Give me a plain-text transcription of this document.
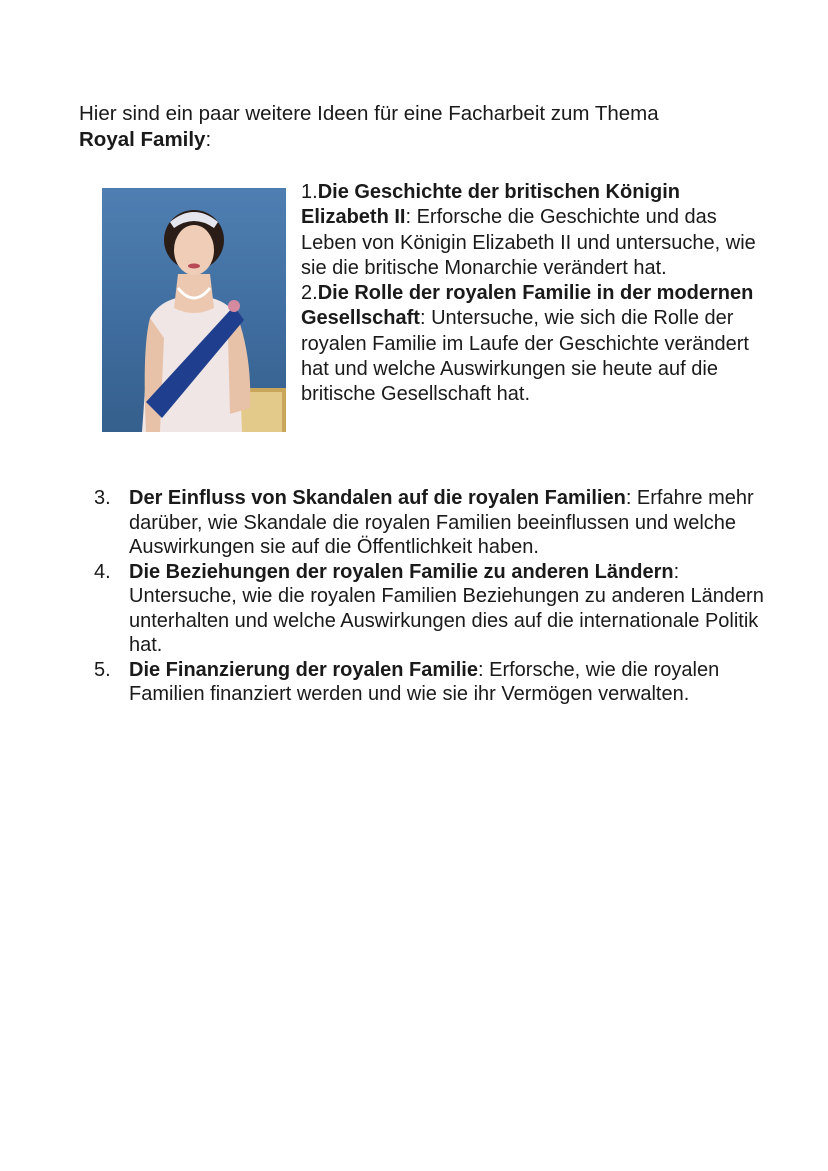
Hier sind ein paar weitere Ideen für eine Facharbeit zum Thema
Royal Family:

1.Die Geschichte der britischen Königin Elizabeth II: Erforsche die Geschichte und das Leben von Königin Elizabeth II und untersuche, wie sie die britische Monarchie verändert hat.

2.Die Rolle der royalen Familie in der modernen Gesellschaft: Untersuche, wie sich die Rolle der royalen Familie im Laufe der Geschichte verändert hat und welche Auswirkungen sie heute auf die britische Gesellschaft hat.

3. Der Einfluss von Skandalen auf die royalen Familien: Erfahre mehr darüber, wie Skandale die royalen Familien beeinflussen und welche Auswirkungen sie auf die Öffentlichkeit haben.
4. Die Beziehungen der royalen Familie zu anderen Ländern: Untersuche, wie die royalen Familien Beziehungen zu anderen Ländern unterhalten und welche Auswirkungen dies auf die internationale Politik hat.
5. Die Finanzierung der royalen Familie: Erforsche, wie die royalen Familien finanziert werden und wie sie ihr Vermögen verwalten.
